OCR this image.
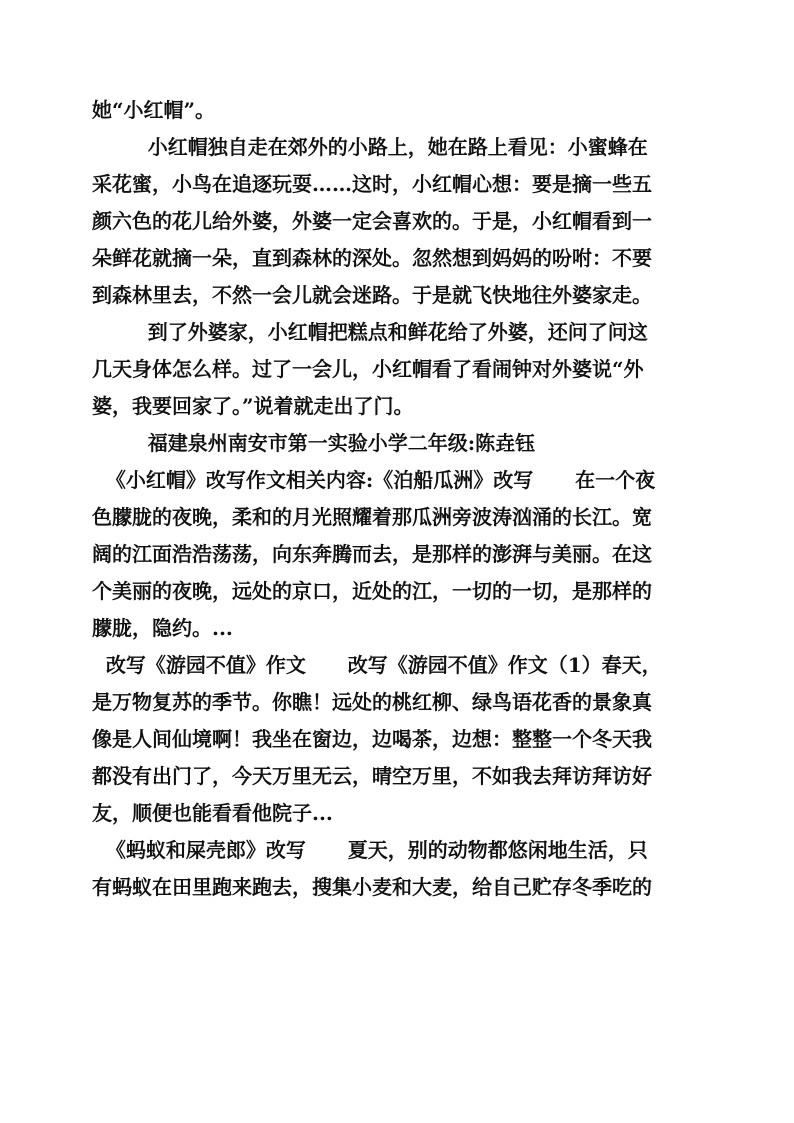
她“小红帽”。
小红帽独自走在郊外的小路上，她在路上看见：小蜜蜂在
采花蜜，小鸟在追逐玩耍……这时，小红帽心想：要是摘一些五
颜六色的花儿给外婆，外婆一定会喜欢的。于是，小红帽看到一
朵鲜花就摘一朵，直到森林的深处。忽然想到妈妈的吩咐：不要
到森林里去，不然一会儿就会迷路。于是就飞快地往外婆家走。
到了外婆家，小红帽把糕点和鲜花给了外婆，还问了问这
几天身体怎么样。过了一会儿，小红帽看了看闹钟对外婆说“外
婆，我要回家了。”说着就走出了门。
福建泉州南安市第一实验小学二年级:陈垚钰
《小红帽》改写作文相关内容:《泊船瓜洲》改写      在一个夜
色朦胧的夜晚，柔和的月光照耀着那瓜洲旁波涛汹涌的长江。宽
阔的江面浩浩荡荡，向东奔腾而去，是那样的澎湃与美丽。在这
个美丽的夜晚，远处的京口，近处的江，一切的一切，是那样的
朦胧，隐约。...
改写《游园不值》作文      改写《游园不值》作文（1）春天，
是万物复苏的季节。你瞧！远处的桃红柳、绿鸟语花香的景象真
像是人间仙境啊！我坐在窗边，边喝茶，边想：整整一个冬天我
都没有出门了，今天万里无云，晴空万里，不如我去拜访拜访好
友，顺便也能看看他院子...
《蚂蚁和屎壳郎》改写      夏天，别的动物都悠闲地生活，只
有蚂蚁在田里跑来跑去，搜集小麦和大麦，给自己贮存冬季吃的
